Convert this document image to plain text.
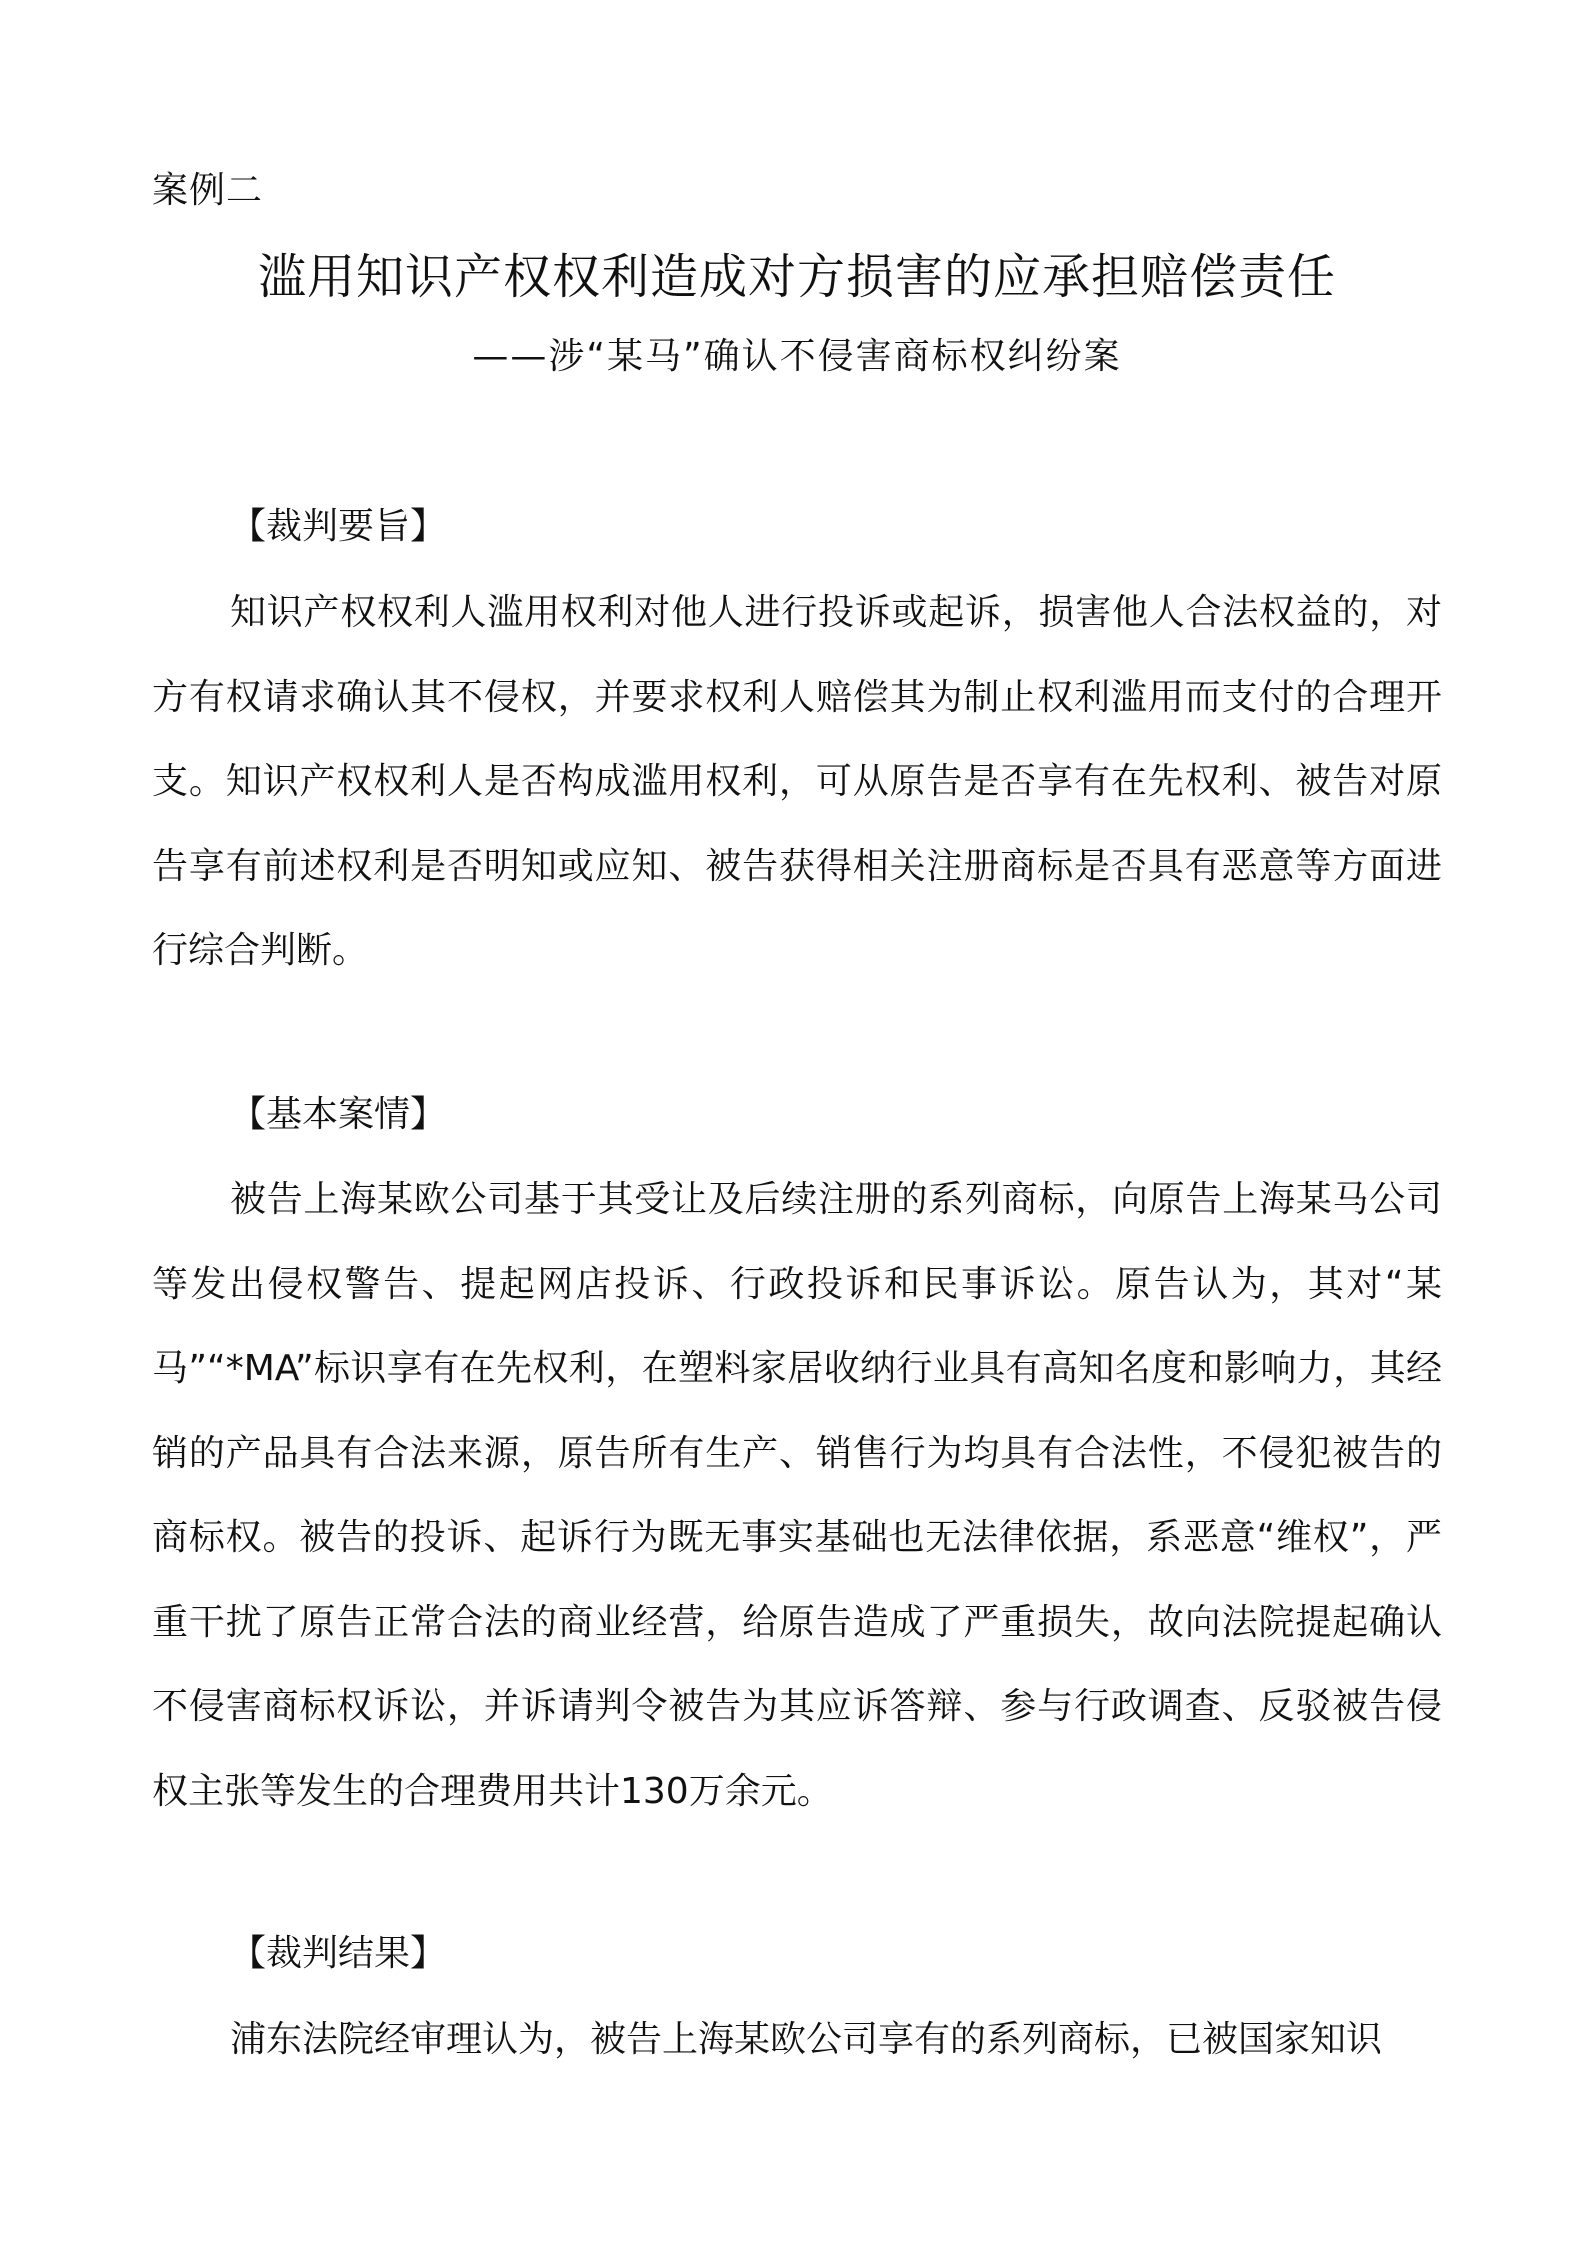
案例二
滥用知识产权权利造成对方损害的应承担赔偿责任
——涉“某马”确认不侵害商标权纠纷案
【裁判要旨】

知识产权权利人滥用权利对他人进行投诉或起诉，损害他人合法权益的，对方有权请求确认其不侵权，并要求权利人赔偿其为制止权利滥用而支付的合理开支。知识产权权利人是否构成滥用权利，可从原告是否享有在先权利、被告对原告享有前述权利是否明知或应知、被告获得相关注册商标是否具有恶意等方面进行综合判断。

【基本案情】

被告上海某欧公司基于其受让及后续注册的系列商标，向原告上海某马公司等发出侵权警告、提起网店投诉、行政投诉和民事诉讼。原告认为，其对“某马”“*MA”标识享有在先权利，在塑料家居收纳行业具有高知名度和影响力，其经销的产品具有合法来源，原告所有生产、销售行为均具有合法性，不侵犯被告的商标权。被告的投诉、起诉行为既无事实基础也无法律依据，系恶意“维权”，严重干扰了原告正常合法的商业经营，给原告造成了严重损失，故向法院提起确认不侵害商标权诉讼，并诉请判令被告为其应诉答辩、参与行政调查、反驳被告侵权主张等发生的合理费用共计130万余元。

【裁判结果】

浦东法院经审理认为，被告上海某欧公司享有的系列商标，已被国家知识
